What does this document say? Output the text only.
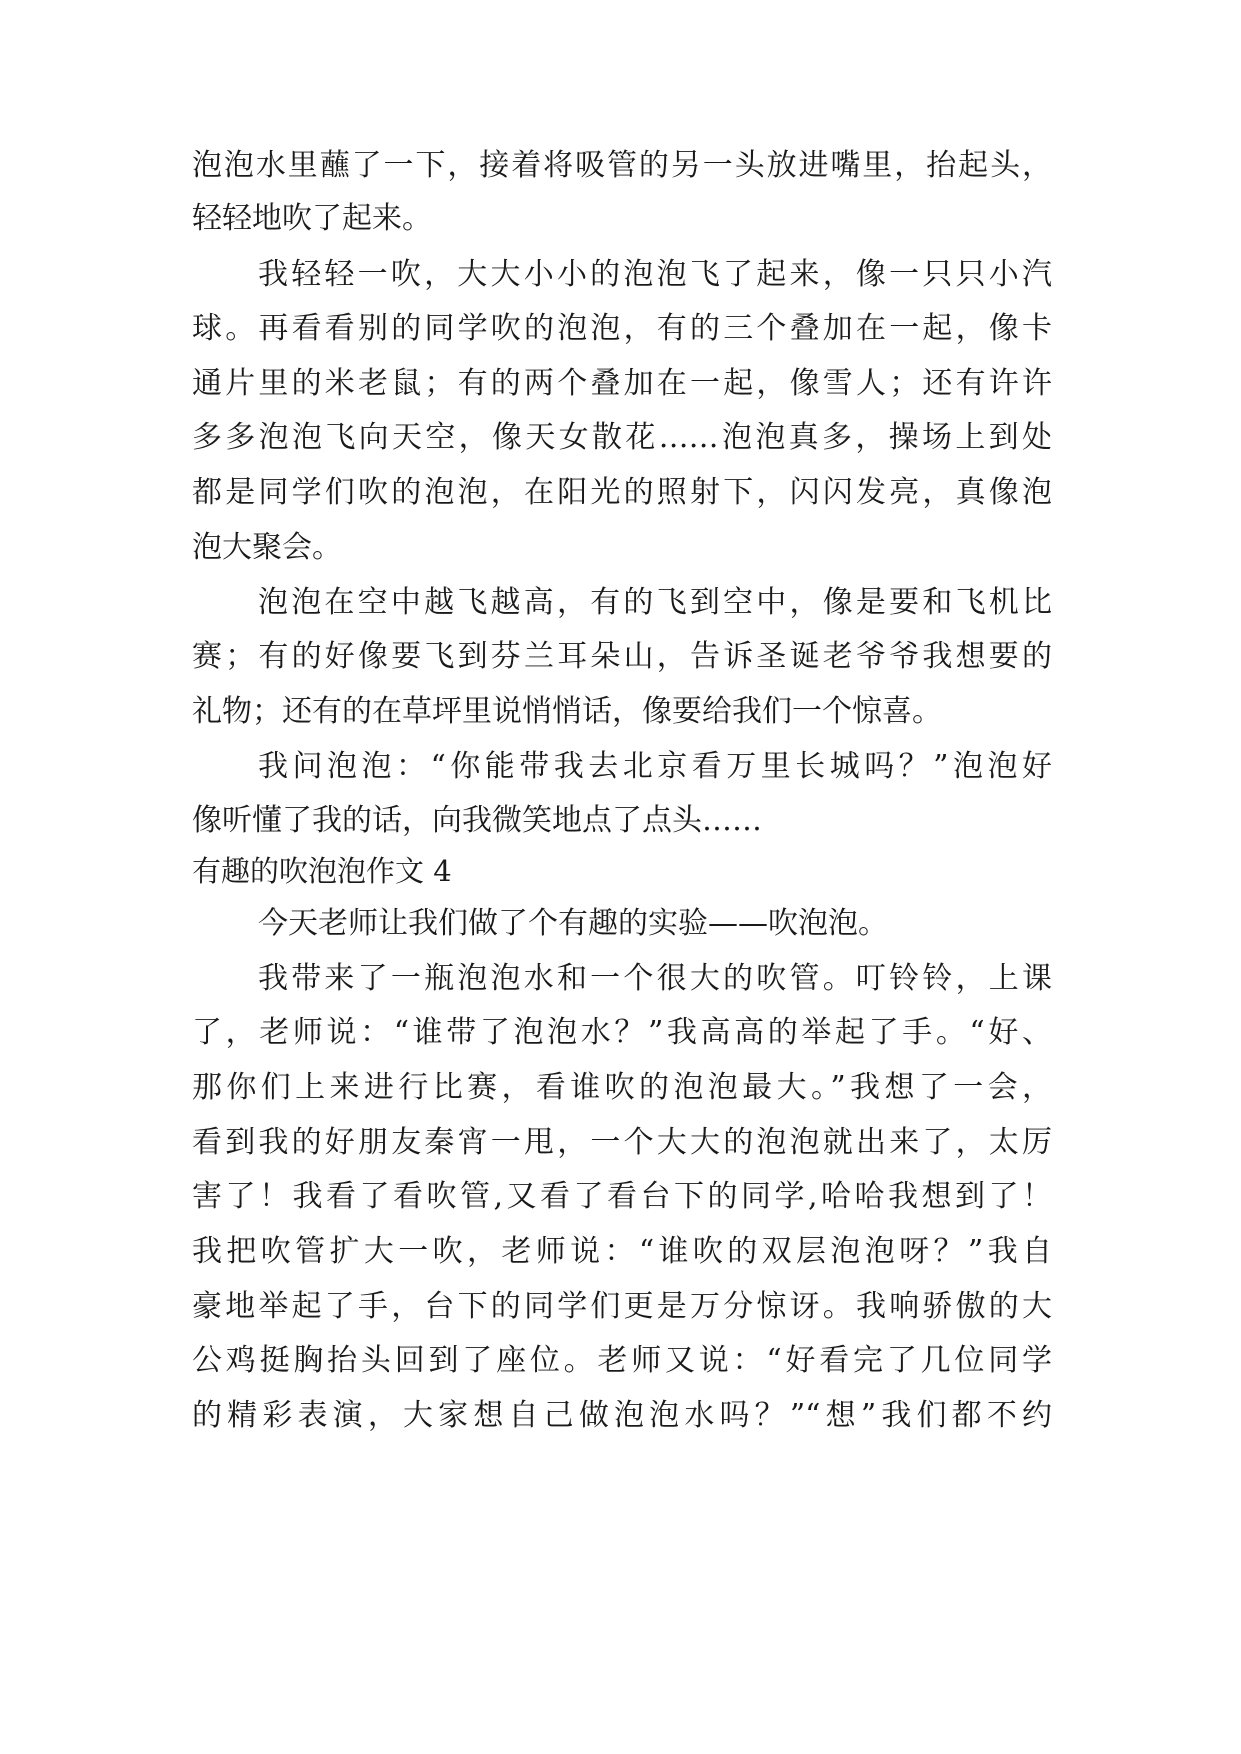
泡泡水里蘸了一下，接着将吸管的另一头放进嘴里，抬起头，
轻轻地吹了起来。
我轻轻一吹，大大小小的泡泡飞了起来，像一只只小汽
球。再看看别的同学吹的泡泡，有的三个叠加在一起，像卡
通片里的米老鼠；有的两个叠加在一起，像雪人；还有许许
多多泡泡飞向天空，像天女散花……泡泡真多，操场上到处
都是同学们吹的泡泡，在阳光的照射下，闪闪发亮，真像泡
泡大聚会。
泡泡在空中越飞越高，有的飞到空中，像是要和飞机比
赛；有的好像要飞到芬兰耳朵山，告诉圣诞老爷爷我想要的
礼物；还有的在草坪里说悄悄话，像要给我们一个惊喜。
我问泡泡：“你能带我去北京看万里长城吗？”泡泡好
像听懂了我的话，向我微笑地点了点头……
有趣的吹泡泡作文 4
今天老师让我们做了个有趣的实验——吹泡泡。
我带来了一瓶泡泡水和一个很大的吹管。叮铃铃，上课
了，老师说：“谁带了泡泡水？”我高高的举起了手。“好、
那你们上来进行比赛，看谁吹的泡泡最大。”我想了一会，
看到我的好朋友秦宵一甩，一个大大的泡泡就出来了，太厉
害了！我看了看吹管,又看了看台下的同学,哈哈我想到了！
我把吹管扩大一吹，老师说：“谁吹的双层泡泡呀？”我自
豪地举起了手，台下的同学们更是万分惊讶。我响骄傲的大
公鸡挺胸抬头回到了座位。老师又说：“好看完了几位同学
的精彩表演，大家想自己做泡泡水吗？”“想”我们都不约
